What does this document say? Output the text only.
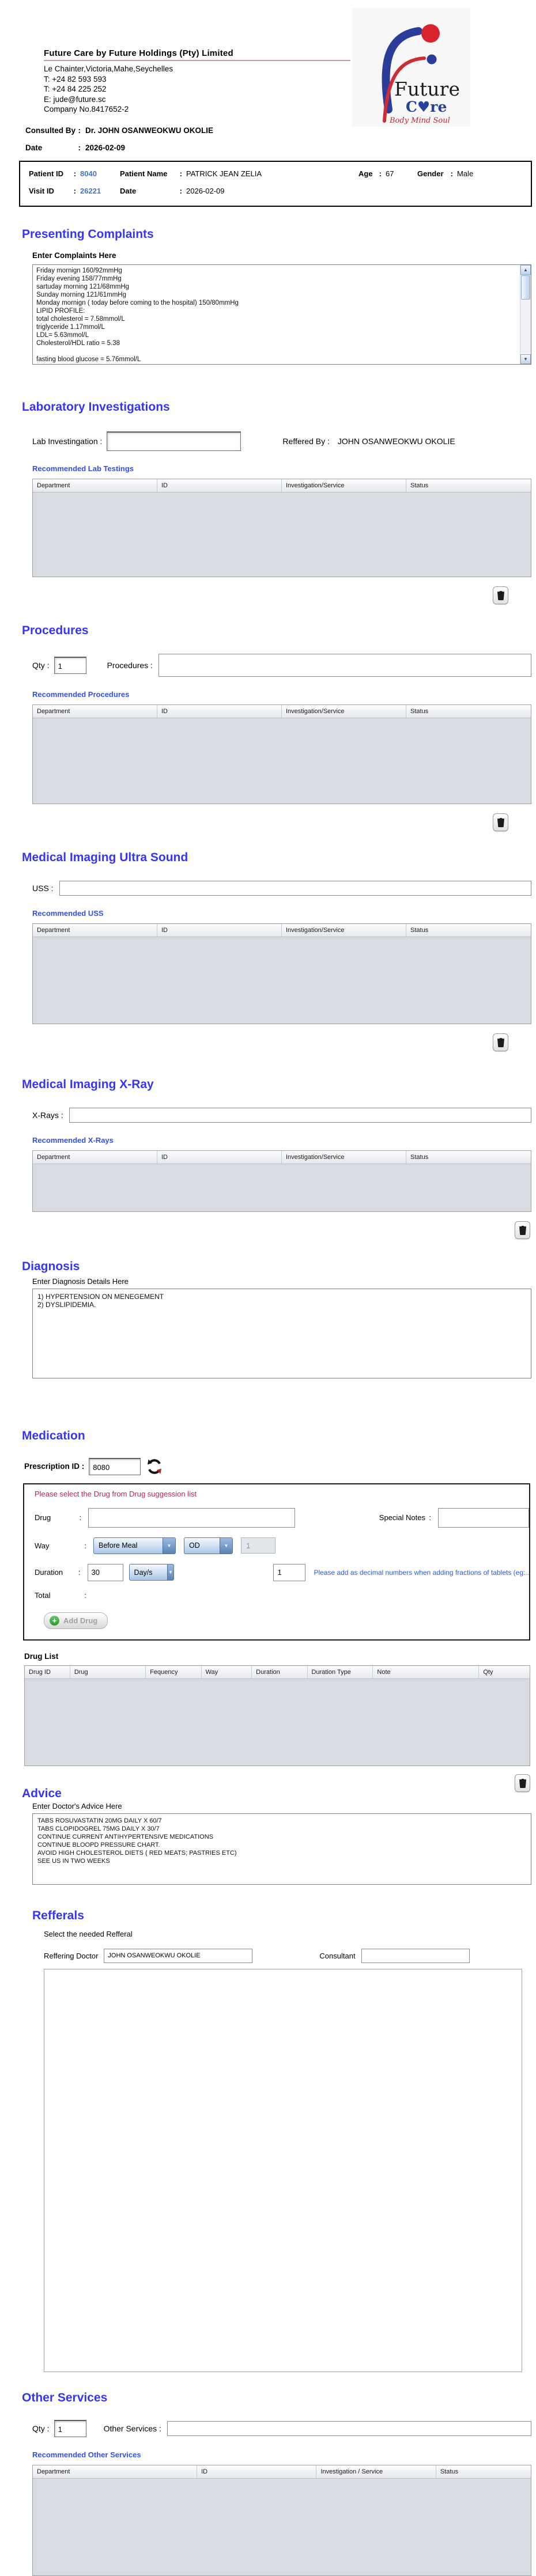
Future
C♥re
Body Mind Soul
Future Care by Future Holdings (Pty) Limited
Le Chainter,Victoria,Mahe,Seychelles
T: +24 82 593 593
T: +24 84 225 252
E: jude@future.sc
Company No.8417652-2
Consulted By : Dr. JOHN OSANWEOKWU OKOLIE
Date	: 2026-02-09
Patient ID : 8040	Patient Name : PATRICK JEAN ZELIA	Age : 67	Gender : Male
Visit ID	: 26221	Date	: 2026-02-09
Presenting Complaints
Enter Complaints Here
Friday mornign 160/92mmHg Friday evening 158/77mmHg sartuday morning 121/68mmHg Sunday morning 121/61mmHg Monday mornign ( today before coming to the hospital) 150/80mmHg LIPID PROFILE: total cholesterol = 7.58mmol/L triglyceride 1.17mmol/L LDL= 5.63mmol/L Cholesterol/HDL ratio = 5.38 fasting blood glucose = 5.76mmol/L
▲
▼
Laboratory Investigations
Lab Investingation :	Reffered By : JOHN OSANWEOKWU OKOLIE
Recommended Lab Testings
Department	ID	Investigation/Service	Status
Procedures
Qty :
1	Procedures :
Recommended Procedures
Department	ID	Investigation/Service	Status
Medical Imaging Ultra Sound
USS :
Recommended USS
Department	ID	Investigation/Service	Status
Medical Imaging X-Ray
X-Rays :
Recommended X-Rays
Department	ID	Investigation/Service	Status
Diagnosis
Enter Diagnosis Details Here
1) HYPERTENSION ON MENEGEMENT 2) DYSLIPIDEMIA.
Medication
Prescription ID :
8080
Please select the Drug from Drug suggession list
Drug	:	Special Notes :
Way	:	Before Meal	▼	OD	▼
1
Duration :
30	Day/s	▼
1	Please add as decimal numbers when adding fractions of tablets (eg:..
Total	:
+ Add Drug
Drug List
Drug ID	Drug	Fequency	Way	Duration	Duration Type	Note	Qty
Advice
Enter Doctor's Advice Here
TABS ROSUVASTATIN 20MG DAILY X 60/7 TABS CLOPIDOGREL 75MG DAILY X 30/7 CONTINUE CURRENT ANTIHYPERTENSIVE MEDICATIONS CONTINUE BLOOPD PRESSURE CHART. AVOID HIGH CHOLESTEROL DIETS ( RED MEATS; PASTRIES ETC) SEE US IN TWO WEEKS
Refferals
Select the needed Refferal
Reffering Doctor
JOHN OSANWEOKWU OKOLIE	Consultant
Other Services
Qty :
1	Other Services :
Recommended Other Services
Department	ID	Investigation / Service	Status
